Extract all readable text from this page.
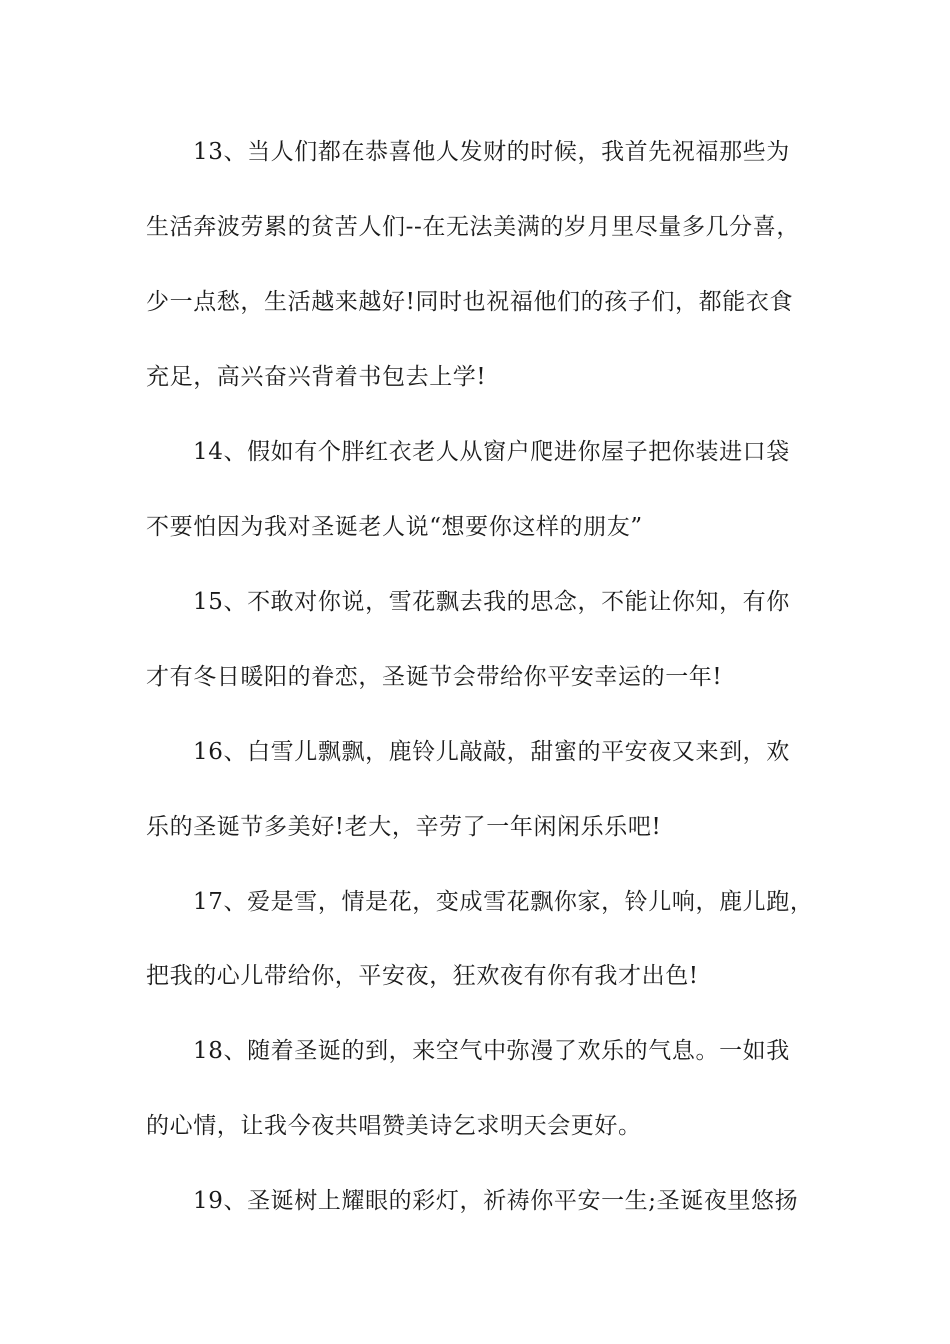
13、当人们都在恭喜他人发财的时候，我首先祝福那些为
生活奔波劳累的贫苦人们--在无法美满的岁月里尽量多几分喜，
少一点愁，生活越来越好!同时也祝福他们的孩子们，都能衣食
充足，高兴奋兴背着书包去上学!
14、假如有个胖红衣老人从窗户爬进你屋子把你装进口袋
不要怕因为我对圣诞老人说“想要你这样的朋友”
15、不敢对你说，雪花飘去我的思念，不能让你知，有你
才有冬日暖阳的眷恋，圣诞节会带给你平安幸运的一年!
16、白雪儿飘飘，鹿铃儿敲敲，甜蜜的平安夜又来到，欢
乐的圣诞节多美好!老大，辛劳了一年闲闲乐乐吧!
17、爱是雪，情是花，变成雪花飘你家，铃儿响，鹿儿跑，
把我的心儿带给你，平安夜，狂欢夜有你有我才出色!
18、随着圣诞的到，来空气中弥漫了欢乐的气息。一如我
的心情，让我今夜共唱赞美诗乞求明天会更好。
19、圣诞树上耀眼的彩灯，祈祷你平安一生;圣诞夜里悠扬
